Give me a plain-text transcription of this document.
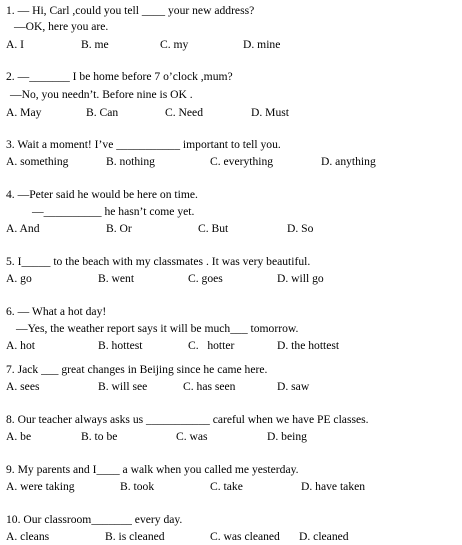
1. — Hi, Carl ,could you tell ____ your new address?
—OK, here you are.
A. I	B. me	C. my	D. mine
2. —_______ I be home before 7 o’clock ,mum?
—No, you needn’t. Before nine is OK .
A. May	B. Can	C. Need	D. Must
3. Wait a moment! I’ve ___________ important to tell you.
A. something	B. nothing	C. everything	D. anything
4. —Peter said he would be here on time.
—__________ he hasn’t come yet.
A. And	B. Or	C. But	D. So
5. I_____ to the beach with my classmates . It was very beautiful.
A. go	B. went	C. goes	D. will go
6. — What a hot day!
—Yes, the weather report says it will be much___ tomorrow.
A. hot	B. hottest	C.   hotter	D. the hottest
7. Jack ___ great changes in Beijing since he came here.
A. sees	B. will see	C. has seen	D. saw
8. Our teacher always asks us ___________ careful when we have PE classes.
A. be	B. to be	C. was	D. being
9. My parents and I____ a walk when you called me yesterday.
A. were taking	B. took	C. take	D. have taken
10. Our classroom_______ every day.
A. cleans	B. is cleaned	C. was cleaned D. cleaned
